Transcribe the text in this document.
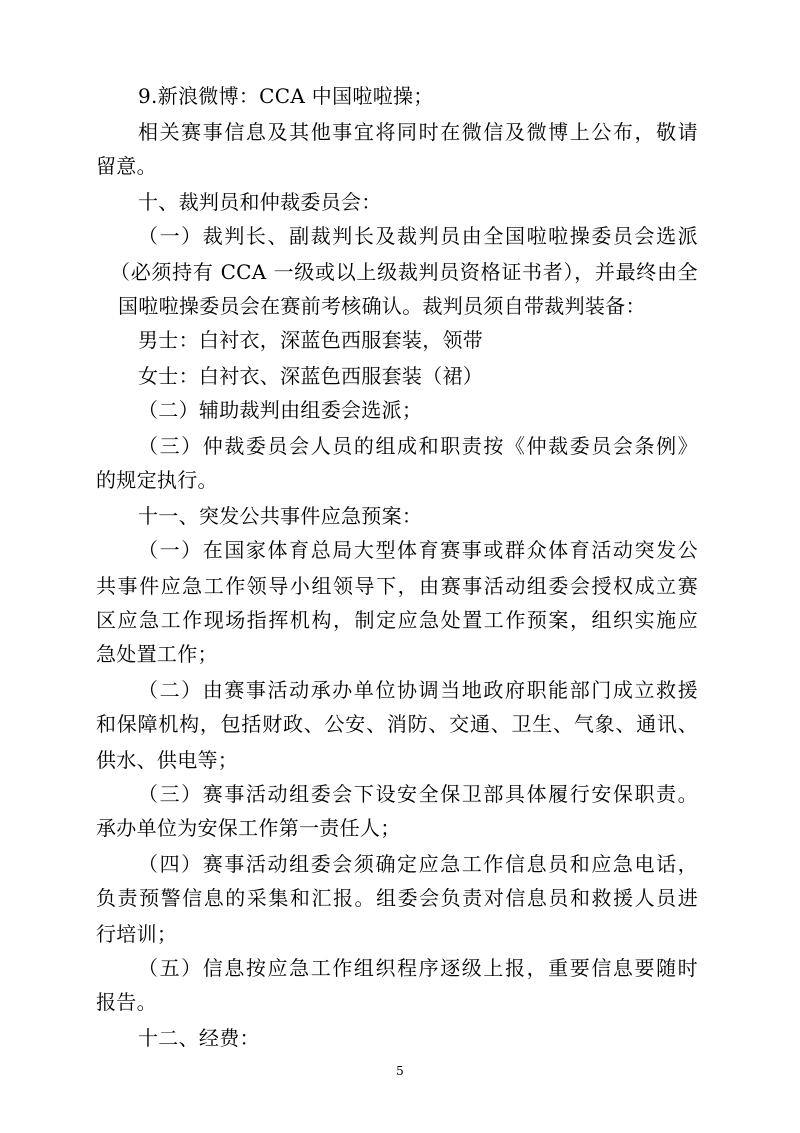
9.新浪微博：CCA 中国啦啦操；
相关赛事信息及其他事宜将同时在微信及微博上公布，敬请
留意。
十、裁判员和仲裁委员会：
（一）裁判长、副裁判长及裁判员由全国啦啦操委员会选派
（必须持有 CCA 一级或以上级裁判员资格证书者），并最终由全
国啦啦操委员会在赛前考核确认。裁判员须自带裁判装备：
男士：白衬衣，深蓝色西服套装，领带
女士：白衬衣、深蓝色西服套装（裙）
（二）辅助裁判由组委会选派；
（三）仲裁委员会人员的组成和职责按《仲裁委员会条例》
的规定执行。
十一、突发公共事件应急预案：
（一）在国家体育总局大型体育赛事或群众体育活动突发公
共事件应急工作领导小组领导下，由赛事活动组委会授权成立赛
区应急工作现场指挥机构，制定应急处置工作预案，组织实施应
急处置工作；
（二）由赛事活动承办单位协调当地政府职能部门成立救援
和保障机构，包括财政、公安、消防、交通、卫生、气象、通讯、
供水、供电等；
（三）赛事活动组委会下设安全保卫部具体履行安保职责。
承办单位为安保工作第一责任人；
（四）赛事活动组委会须确定应急工作信息员和应急电话，
负责预警信息的采集和汇报。组委会负责对信息员和救援人员进
行培训；
（五）信息按应急工作组织程序逐级上报，重要信息要随时
报告。
十二、经费：
5
